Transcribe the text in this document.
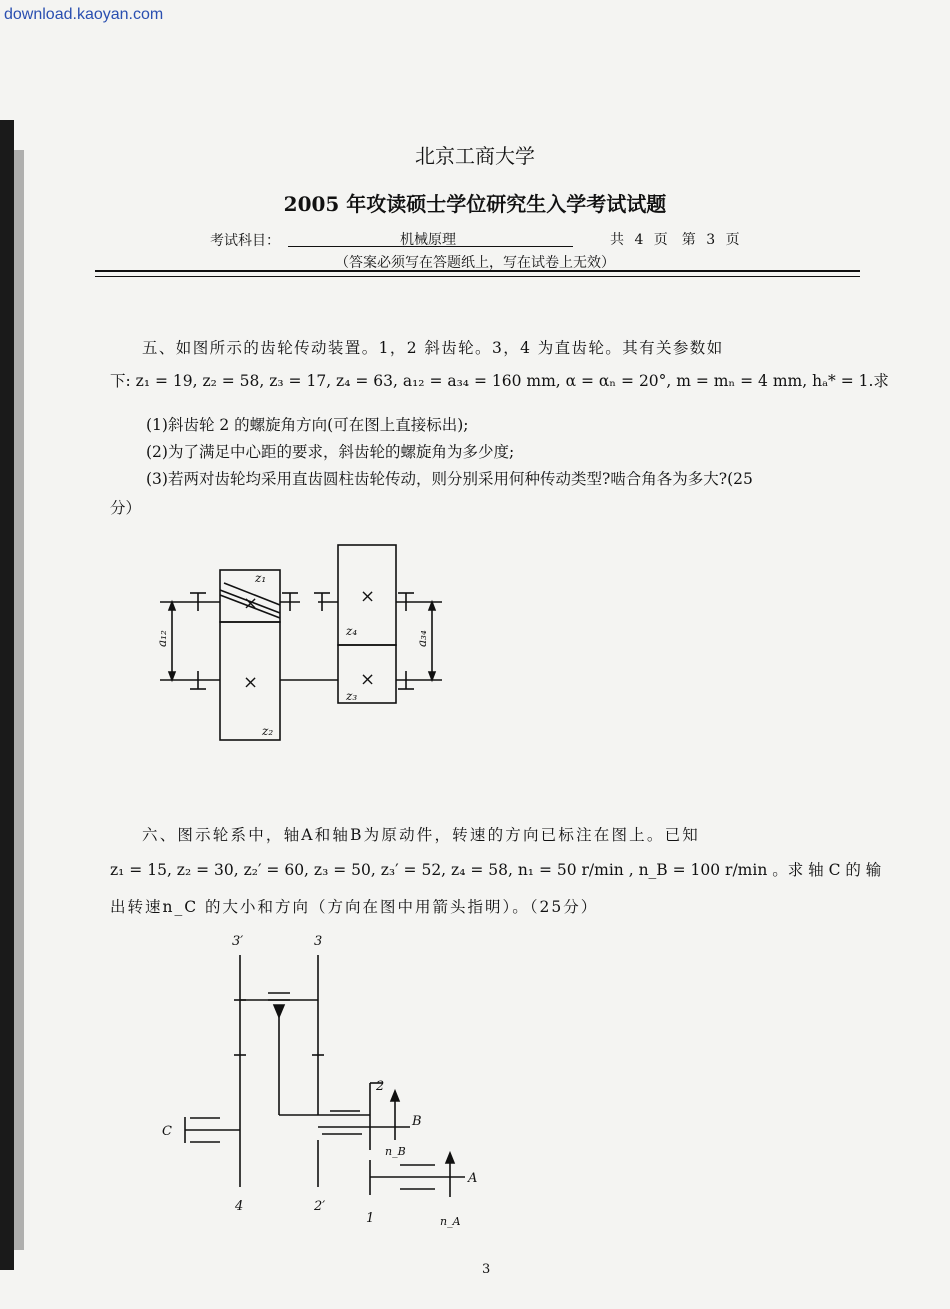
download.kaoyan.com
北京工商大学
2005 年攻读硕士学位研究生入学考试试题
考试科目：	机械原理	共 4 页　第 3 页
（答案必须写在答题纸上，写在试卷上无效）
五、如图所示的齿轮传动装置。1，2 斜齿轮。3，4 为直齿轮。其有关参数如
下: z₁ = 19, z₂ = 58, z₃ = 17, z₄ = 63, a₁₂ = a₃₄ = 160 mm, α = αₙ = 20°, m = mₙ = 4 mm, hₐ* = 1.求
(1)斜齿轮 2 的螺旋角方向(可在图上直接标出);
(2)为了满足中心距的要求，斜齿轮的螺旋角为多少度;
(3)若两对齿轮均采用直齿圆柱齿轮传动，则分别采用何种传动类型?啮合角各为多大?(25
分）
z₁
z₂
z₄
z₃
a₁₂	a₃₄
×
×
×
×
六、图示轮系中，轴A和轴B为原动件，转速的方向已标注在图上。已知
z₁ = 15, z₂ = 30, z₂′ = 60, z₃ = 50, z₃′ = 52, z₄ = 58, n₁ = 50 r/min , n_B = 100 r/min 。求 轴 C 的 输
出转速n_C 的大小和方向（方向在图中用箭头指明）。（25分）
3′	3
2
2′
1
4
A
B
C
n_B
n_A
3
